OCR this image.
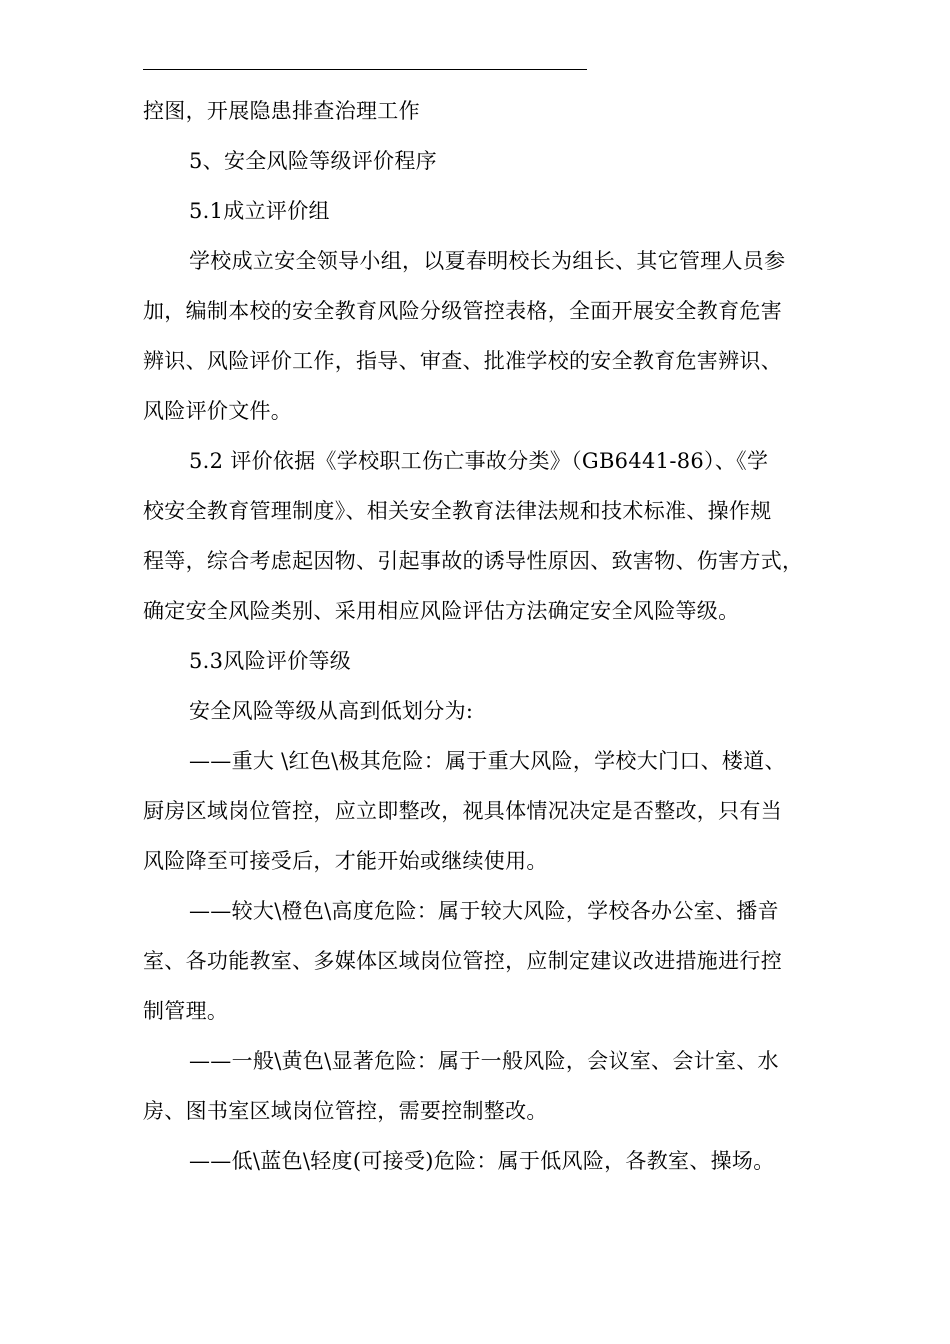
控图，开展隐患排查治理工作
5、安全风险等级评价程序
5.1成立评价组
学校成立安全领导小组，以夏春明校长为组长、其它管理人员参
加，编制本校的安全教育风险分级管控表格，全面开展安全教育危害
辨识、风险评价工作，指导、审查、批准学校的安全教育危害辨识、
风险评价文件。
5.2 评价依据《学校职工伤亡事故分类》（GB6441-86）、《学
校安全教育管理制度》、相关安全教育法律法规和技术标准、操作规
程等，综合考虑起因物、引起事故的诱导性原因、致害物、伤害方式，
确定安全风险类别、采用相应风险评估方法确定安全风险等级。
5.3风险评价等级
安全风险等级从高到低划分为:
——重大 \红色\极其危险：属于重大风险，学校大门口、楼道、
厨房区域岗位管控，应立即整改，视具体情况决定是否整改，只有当
风险降至可接受后，才能开始或继续使用。
——较大\橙色\高度危险：属于较大风险，学校各办公室、播音
室、各功能教室、多媒体区域岗位管控，应制定建议改进措施进行控
制管理。
——一般\黄色\显著危险：属于一般风险，会议室、会计室、水
房、图书室区域岗位管控，需要控制整改。
——低\蓝色\轻度(可接受)危险：属于低风险，各教室、操场。
